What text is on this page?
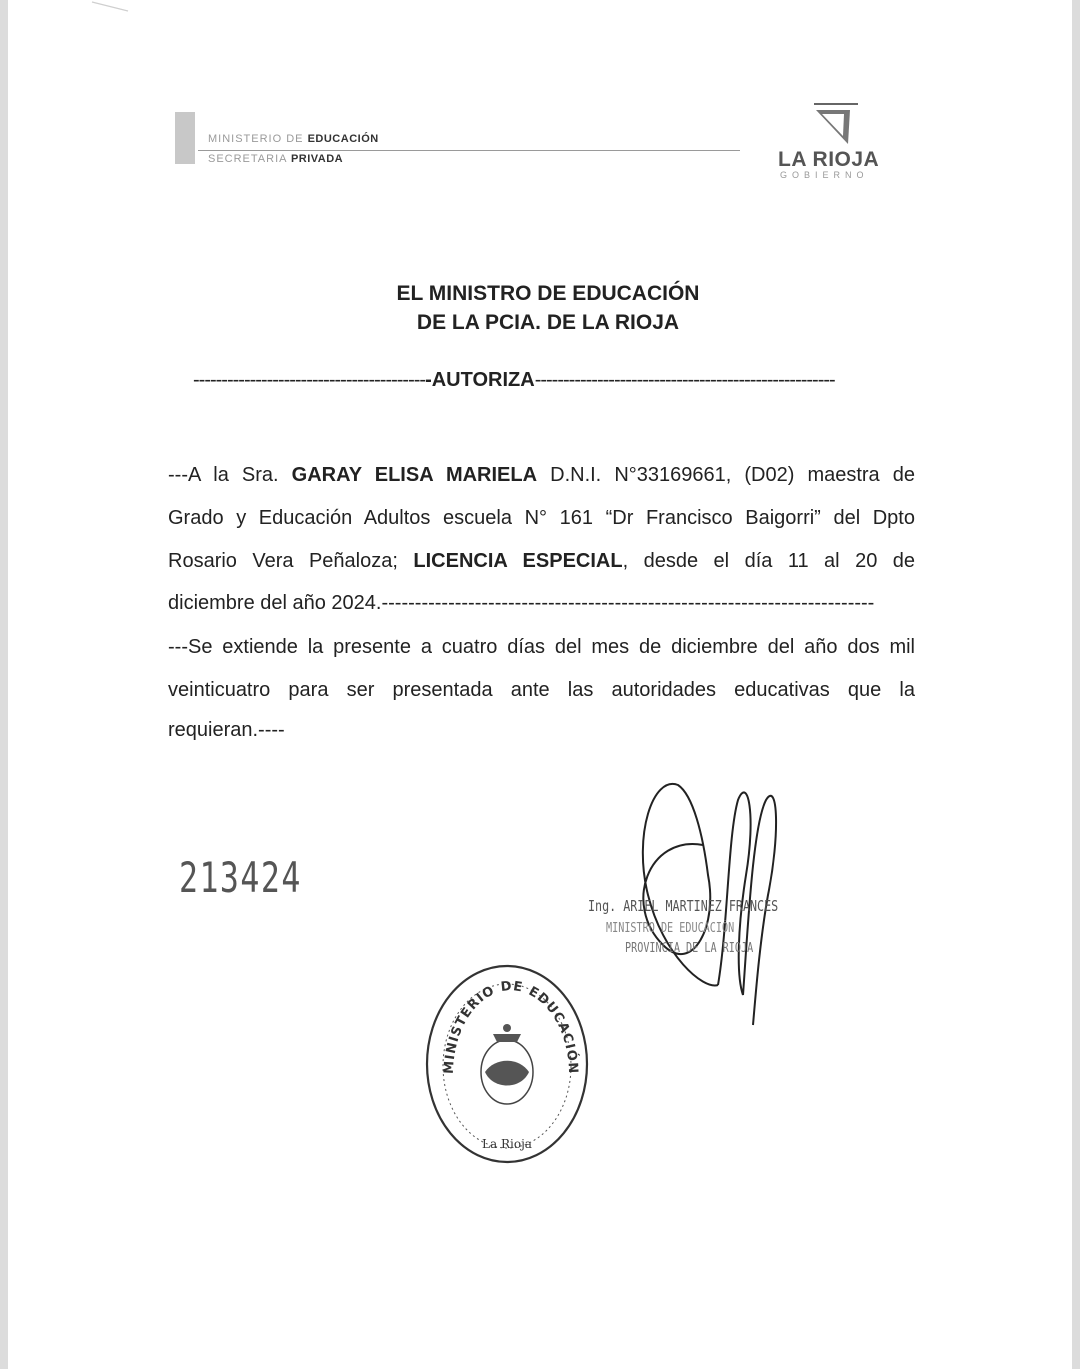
MINISTERIO DE EDUCACIÓN
SECRETARIA PRIVADA	LA RIOJA
GOBIERNO
EL MINISTRO DE EDUCACIÓN
DE LA PCIA. DE LA RIOJA
------------------------------------------AUTORIZA-----------------------------------------------------
---A la Sra. GARAY ELISA MARIELA D.N.I. N°33169661, (D02) maestra de
Grado y Educación Adultos escuela N° 161 “Dr Francisco Baigorri” del Dpto
Rosario Vera Peñaloza; LICENCIA ESPECIAL, desde el día 11 al 20 de
diciembre del año 2024.--------------------------------------------------------------------------
---Se extiende la presente a cuatro días del mes de diciembre del año dos mil
veinticuatro para ser presentada ante las autoridades educativas que la
requieran.----
213424
Ing. ARIEL MARTINEZ FRANCES
MINISTRO DE EDUCACIÓN
PROVINCIA DE LA RIOJA
MINISTERIO DE EDUCACIÓN
La Rioja
